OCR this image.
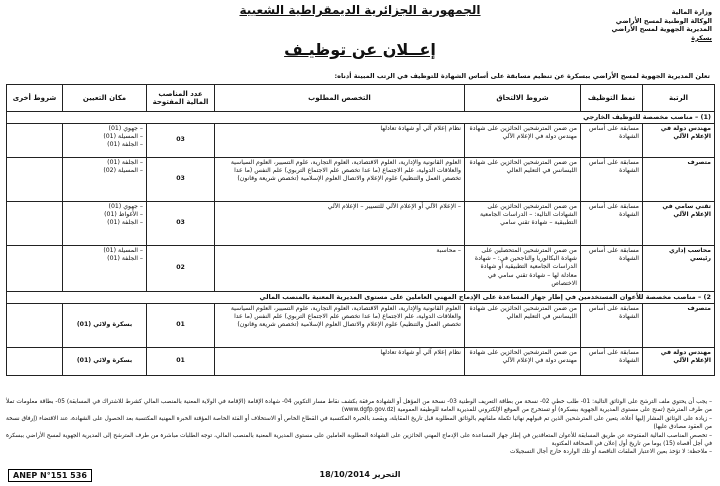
الجمهورية الجزائرية الديمقراطية الشعبية	وزارة المالية
الوكالة الوطنية لمسح الأراضي
المديرية الجهوية لمسح الأراضي
بسكرة
إعــلان عن توظيـف
تعلن المديرية الجهوية لمسح الأراضي ببسكرة عن تنظيم مسابقة على أساس الشهادة للتوظيف في الرتب المبينة أدناه:
الرتبة	نمط التوظيف	شروط الالتحاق	التخصص المطلوب	عدد المناصب المالية المفتوحة	مكان التعيين	شروط أخرى
(1) – مناصب مخصصة للتوظيف الخارجي						
مهندس دولة في الإعلام الآلي	مسابقة على أساس الشهادة	من ضمن المترشحين الحائزين على شهادة مهندس دولة في الإعلام الآلي	نظام إعلام آلي أو شهادة تعادلها	03	– جهوي (01)
– المسيلة (01)
– الجلفة (01)	

متصرف	مسابقة على أساس الشهادة	من ضمن المترشحين الحائزين على شهادة الليسانس في التعليم العالي	العلوم القانونية والإدارية، العلوم الاقتصادية، العلوم التجارية، علوم التسيير، العلوم السياسية والعلاقات الدولية، علم الاجتماع (ما عدا تخصص علم الاجتماع التربوي) علم النفس (ما عدا تخصص العمل والتنظيم) علوم الإعلام والاتصال العلوم الإسلامية (تخصص شريعة وقانون)	03	– الجلفة (01)
– المسيلة (02)	

تقني سامي في الإعلام الآلي	مسابقة على أساس الشهادة	من ضمن المترشحين الحائزين على الشهادات التالية: – الدراسات الجامعية التطبيقية – شهادة تقني سامي	– الإعلام الآلي أو الإعلام الآلي للتسيير – الإعلام الآلي	03	– جهوي (01)
– الأغواط (01)
– الجلفة (01)	

محاسب إداري رئيسي	مسابقة على أساس الشهادة	من ضمن المترشحين المتحصلين على شهادة البكالوريا والناجحين في: – شهادة الدراسات الجامعية التطبيقية أو شهادة معادلة لها – شهادة تقني سامي في الاختصاص	– محاسبة	02	– المسيلة (01)
– الجلفة (01)	

2) – مناصب مخصصة للأعوان المستخدمين في إطار جهاز المساعدة على الإدماج المهني العاملين على مستوى المديرية المعنية بالمنصب المالي						
متصرف	مسابقة على أساس الشهادة	من ضمن المترشحين الحائزين على شهادة الليسانس في التعليم العالي	العلوم القانونية والإدارية، العلوم الاقتصادية، العلوم التجارية، علوم التسيير، العلوم السياسية والعلاقات الدولية، علم الاجتماع (ما عدا تخصص علم الاجتماع التربوي) علم النفس (ما عدا تخصص العمل والتنظيم) علوم الإعلام والاتصال العلوم الإسلامية (تخصص شريعة وقانون)	01	بسكرة ولائي (01)	

مهندس دولة في الإعلام الآلي	مسابقة على أساس الشهادة	من ضمن المترشحين الحائزين على شهادة مهندس دولة في الإعلام الآلي	نظام إعلام آلي أو شهادة تعادلها	01	بسكرة ولائي (01)	

– يجب أن يحتوي ملف الترشح على الوثائق التالية: 01- طلب خطي 02- نسخة من بطاقة التعريف الوطنية 03- نسخة من المؤهل أو الشهادة مرفقة بكشف نقاط مسار التكوين 04- شهادة الإقامة (الإقامة في الولاية المعنية بالمنصب المالي كشرط للاشتراك في المسابقة) 05- بطاقة معلومات تملأ من طرف المترشح (تمنح على مستوى المديرية الجهوية ببسكرة) أو تستخرج من الموقع الإلكتروني للمديرية العامة للوظيفة العمومية (www.dgfp.gov.dz)

– زيادة على الوثائق المشار إليها أعلاه، يتعين على المترشحين الذين تم قبولهم نهائيا تكملة ملفاتهم بالوثائق المطلوبة قبل تاريخ المقابلة، ويقصد بالخبرة المكتسبة في القطاع الخاص أو الاستخلاف أو الفئة الخاصة المؤقتة الخبرة المهنية المكتسبة بعد الحصول على الشهادة، عند الاقتضاء (إرفاق نسخة من العقود مصادق عليها)

– تخصص المناصب المالية المفتوحة عن طريق المسابقة للأعوان المتعاقدين في إطار جهاز المساعدة على الإدماج المهني الحائزين على الشهادة المطلوبة العاملين على مستوى المديرية المعنية بالمنصب المالي، توجه الطلبات مباشرة من طرف المترشح إلى المديرية الجهوية لمسح الأراضي ببسكرة في أجل أقصاه (15) يوما من تاريخ أول إعلان في الصحافة المكتوبة

– ملاحظة: لا تؤخذ بعين الاعتبار الملفات الناقصة أو تلك الواردة خارج أجال التسجيلات

ANEP N°151 536	التحرير 18/10/2014
